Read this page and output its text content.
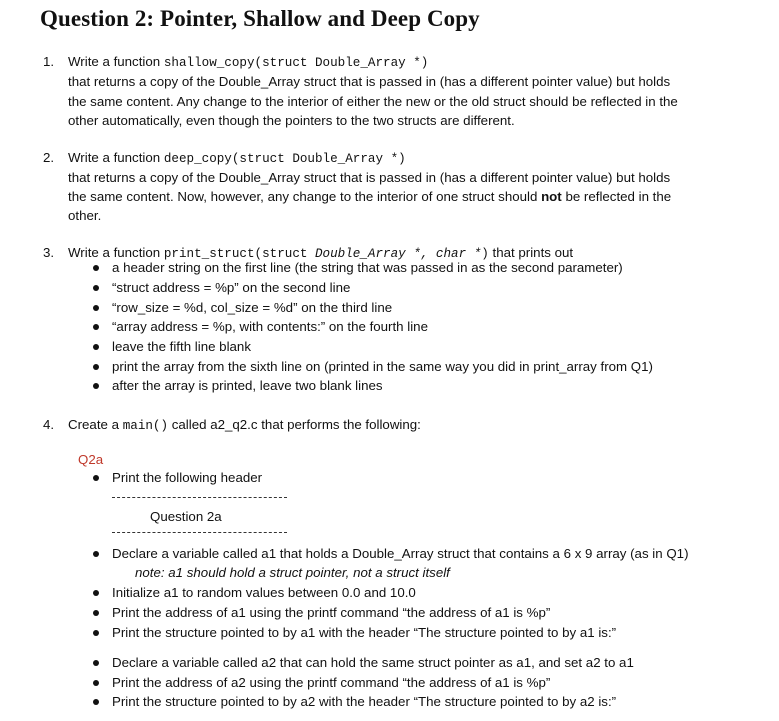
Question 2: Pointer, Shallow and Deep Copy
1. Write a function shallow_copy(struct Double_Array *)
that returns a copy of the Double_Array struct that is passed in (has a different pointer value) but holds
the same content. Any change to the interior of either the new or the old struct should be reflected in the
other automatically, even though the pointers to the two structs are different.
2. Write a function deep_copy(struct Double_Array *)
that returns a copy of the Double_Array struct that is passed in (has a different pointer value) but holds
the same content. Now, however, any change to the interior of one struct should not be reflected in the
other.
3. Write a function print_struct(struct Double_Array *, char *) that prints out
a header string on the first line (the string that was passed in as the second parameter)
“struct address = %p” on the second line
“row_size = %d, col_size = %d” on the third line
“array address = %p, with contents:” on the fourth line
leave the fifth line blank
print the array from the sixth line on (printed in the same way you did in print_array from Q1)
after the array is printed, leave two blank lines
4. Create a main() called a2_q2.c that performs the following:
Q2a
Print the following header
Question 2a
Declare a variable called a1 that holds a Double_Array struct that contains a 6 x 9 array (as in Q1)
note: a1 should hold a struct pointer, not a struct itself
Initialize a1 to random values between 0.0 and 10.0
Print the address of a1 using the printf command “the address of a1 is %p”
Print the structure pointed to by a1 with the header “The structure pointed to by a1 is:”
Declare a variable called a2 that can hold the same struct pointer as a1, and set a2 to a1
Print the address of a2 using the printf command “the address of a1 is %p”
Print the structure pointed to by a2 with the header “The structure pointed to by a2 is:”
